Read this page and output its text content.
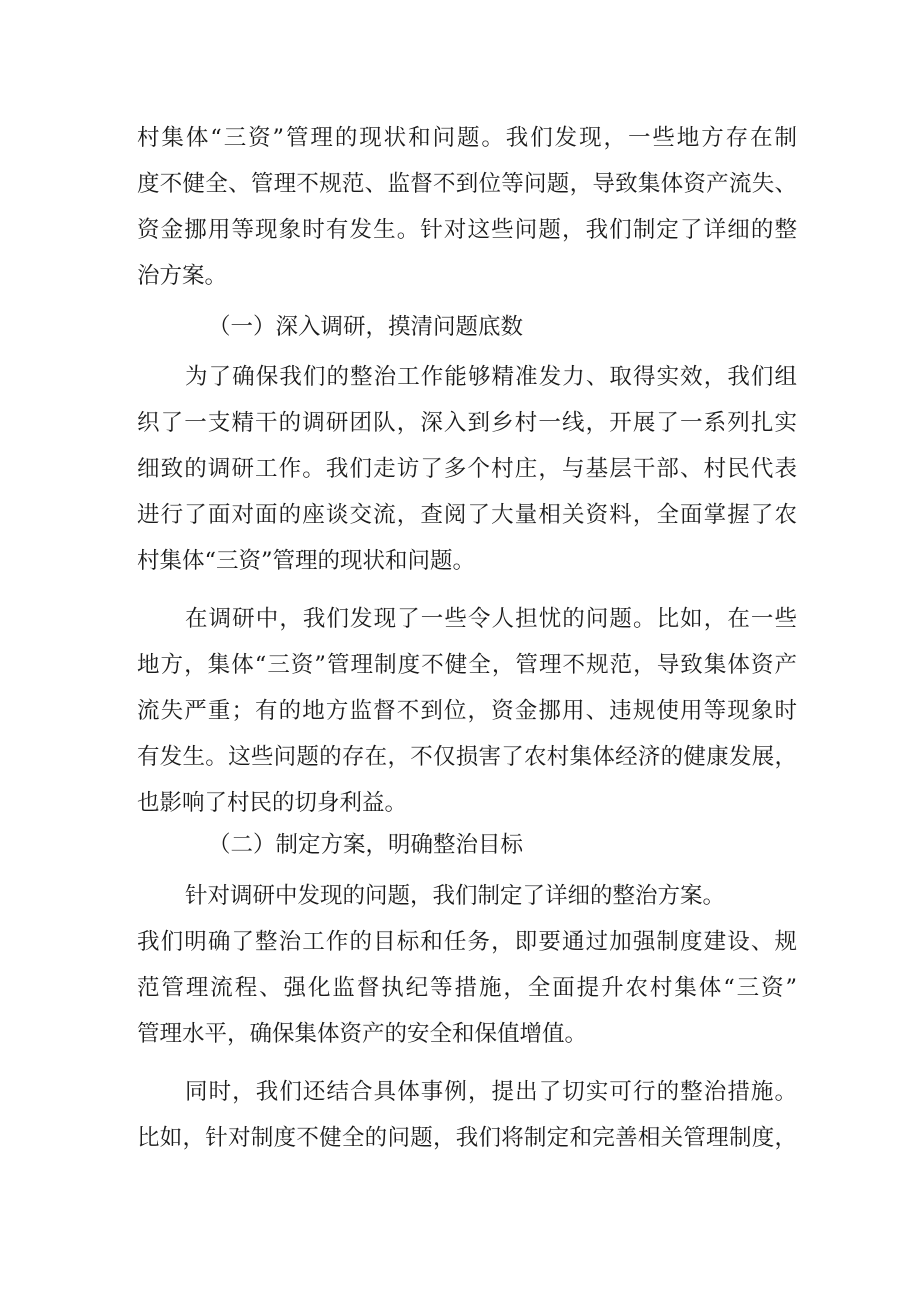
村集体“三资”管理的现状和问题。我们发现，一些地方存在制
度不健全、管理不规范、监督不到位等问题，导致集体资产流失、
资金挪用等现象时有发生。针对这些问题，我们制定了详细的整
治方案。
（一）深入调研，摸清问题底数
为了确保我们的整治工作能够精准发力、取得实效，我们组
织了一支精干的调研团队，深入到乡村一线，开展了一系列扎实
细致的调研工作。我们走访了多个村庄，与基层干部、村民代表
进行了面对面的座谈交流，查阅了大量相关资料，全面掌握了农
村集体“三资”管理的现状和问题。
在调研中，我们发现了一些令人担忧的问题。比如，在一些
地方，集体“三资”管理制度不健全，管理不规范，导致集体资产
流失严重；有的地方监督不到位，资金挪用、违规使用等现象时
有发生。这些问题的存在，不仅损害了农村集体经济的健康发展，
也影响了村民的切身利益。
（二）制定方案，明确整治目标
针对调研中发现的问题，我们制定了详细的整治方案。
我们明确了整治工作的目标和任务，即要通过加强制度建设、规
范管理流程、强化监督执纪等措施，全面提升农村集体“三资”
管理水平，确保集体资产的安全和保值增值。
同时，我们还结合具体事例，提出了切实可行的整治措施。
比如，针对制度不健全的问题，我们将制定和完善相关管理制度，
